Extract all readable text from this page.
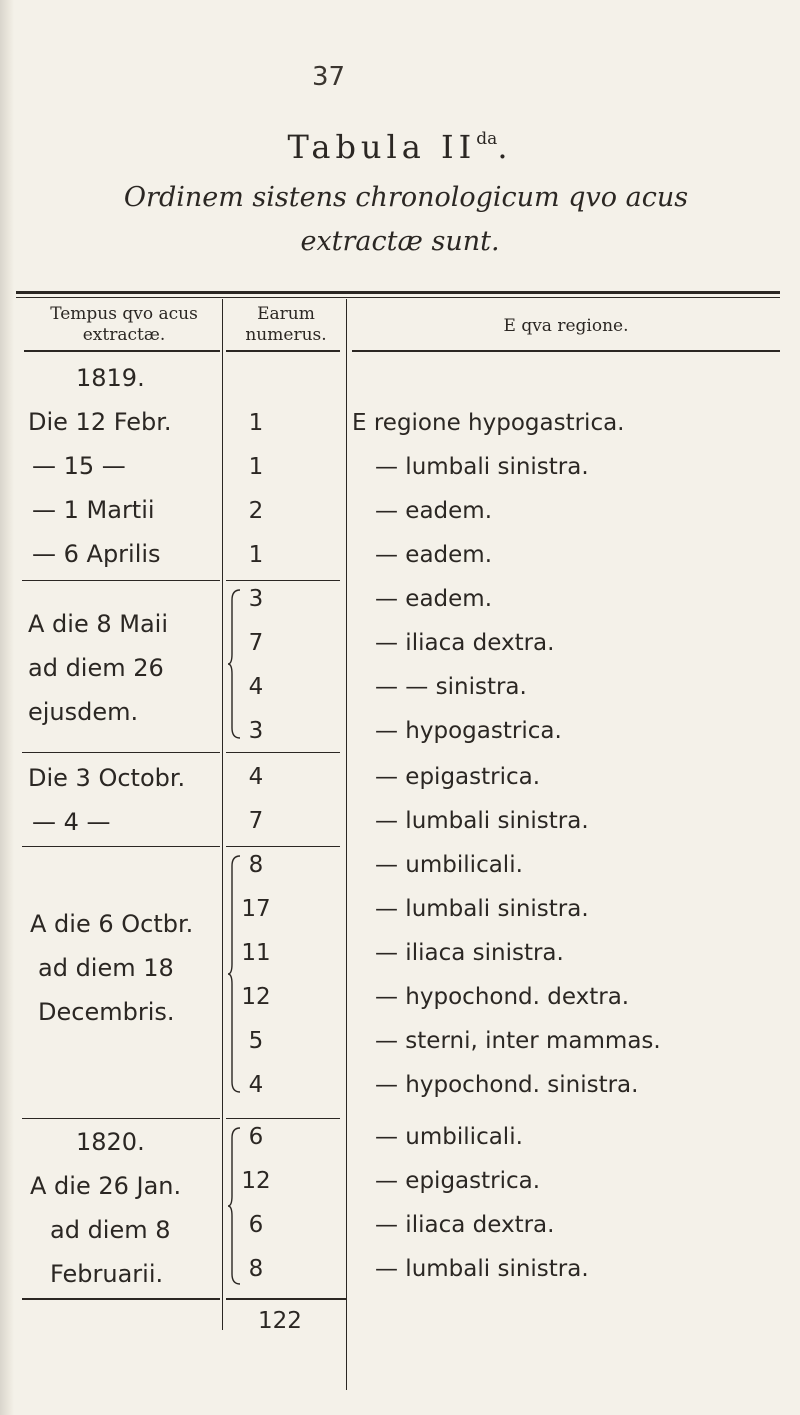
37
Tabula $II^{da}$.
Ordinem sistens chronologicum qvo acus
extractæ sunt.
Tempus qvo acus
extractæ.
Earum
numerus.	E qva regione.
1819.
Die 12 Febr.
— 15 —
— 1 Martii
— 6 Aprilis
A die 8 Maii
ad diem 26
ejusdem.
Die 3 Octobr.
— 4 —
A die 6 Octbr.
ad diem 18
Decembris.
1820.
A die 26 Jan.
ad diem 8
Februarii.
1
1
2
1
3
7
4
3
4
7
8
17
11
12
5
4
6
12
6
8
122
E regione hypogastrica.
— lumbali sinistra.
— eadem.
— eadem.
— eadem.
— iliaca dextra.
— — sinistra.
— hypogastrica.
— epigastrica.
— lumbali sinistra.
— umbilicali.
— lumbali sinistra.
— iliaca sinistra.
— hypochond. dextra.
— sterni, inter mammas.
— hypochond. sinistra.
— umbilicali.
— epigastrica.
— iliaca dextra.
— lumbali sinistra.
